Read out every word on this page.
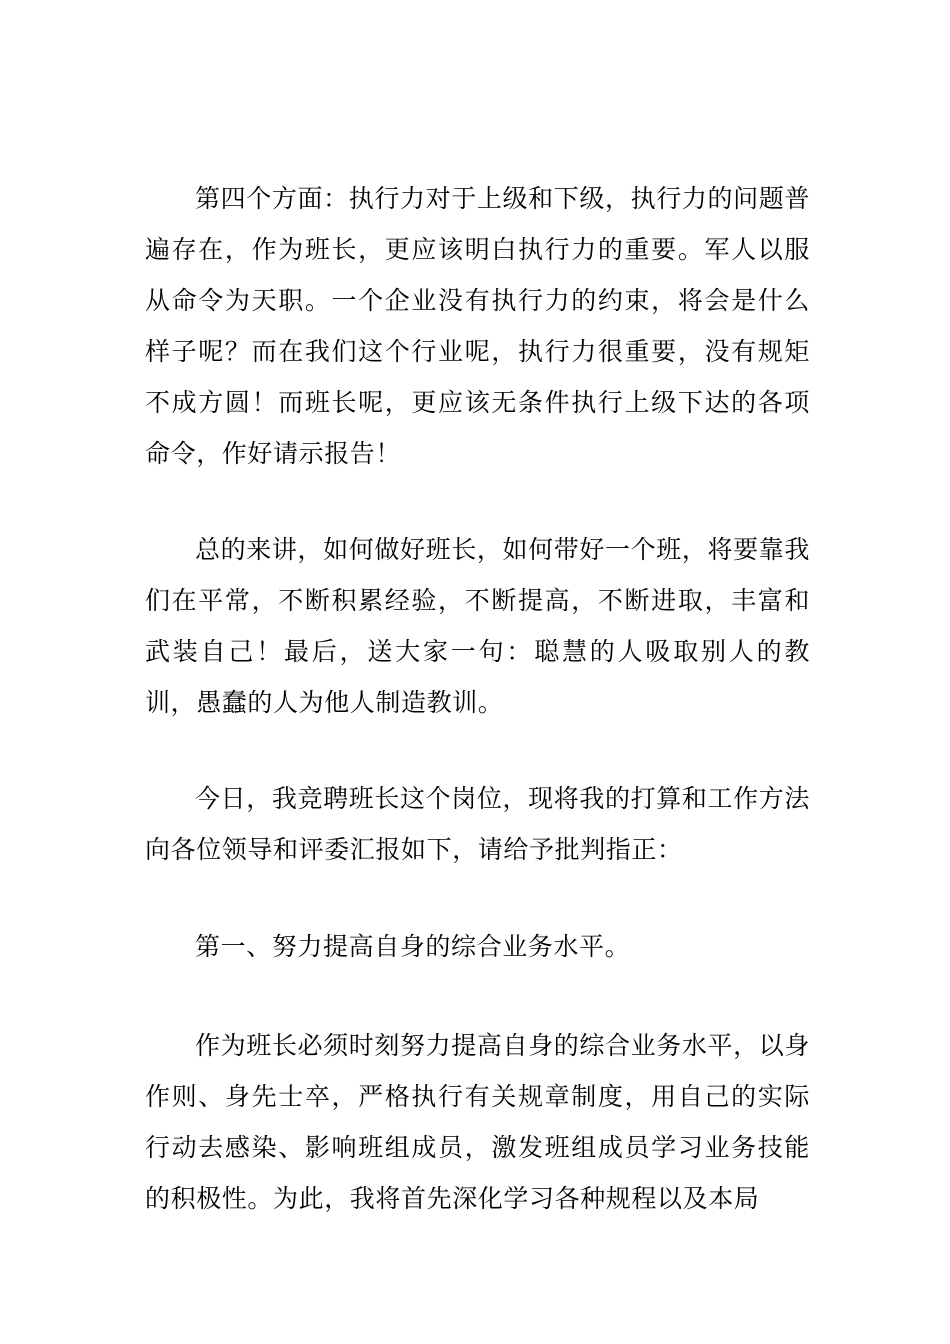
第四个方面：执行力对于上级和下级，执行力的问题普遍存在，作为班长，更应该明白执行力的重要。军人以服从命令为天职。一个企业没有执行力的约束，将会是什么样子呢？而在我们这个行业呢，执行力很重要，没有规矩不成方圆！而班长呢，更应该无条件执行上级下达的各项命令，作好请示报告！

总的来讲，如何做好班长，如何带好一个班，将要靠我们在平常，不断积累经验，不断提高，不断进取，丰富和武装自己！最后，送大家一句：聪慧的人吸取别人的教训，愚蠢的人为他人制造教训。

今日，我竞聘班长这个岗位，现将我的打算和工作方法向各位领导和评委汇报如下，请给予批判指正：

第一、努力提高自身的综合业务水平。

作为班长必须时刻努力提高自身的综合业务水平，以身作则、身先士卒，严格执行有关规章制度，用自己的实际行动去感染、影响班组成员，激发班组成员学习业务技能的积极性。为此，我将首先深化学习各种规程以及本局
